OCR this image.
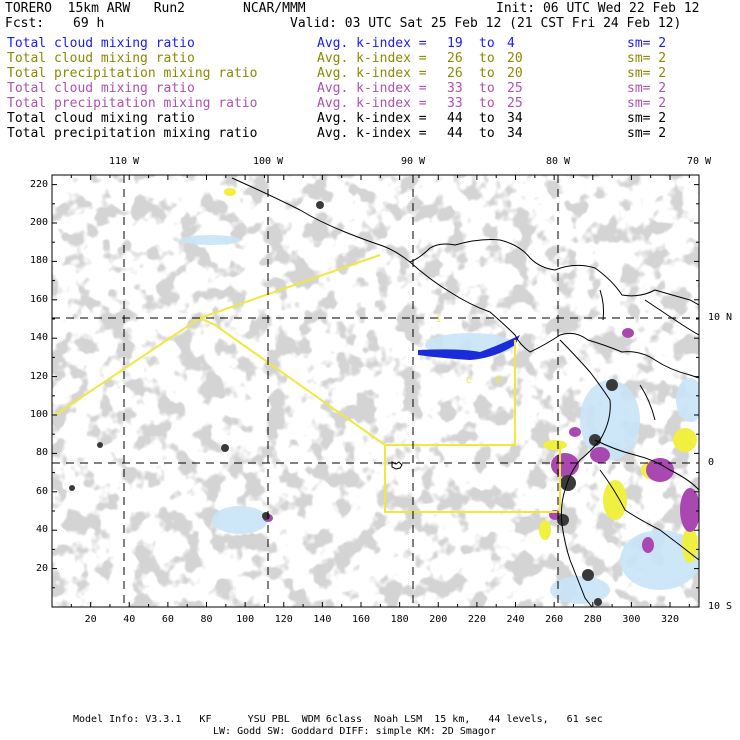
TORERO  15km ARW   Run2	NCAR/MMM	Init: 06 UTC Wed 22 Feb 12
Fcst: 69 h	Valid: 03 UTC Sat 25 Feb 12 (21 CST Fri 24 Feb 12)
Total cloud mixing ratio	Avg. k-index = 19 to 4	sm= 2
Total cloud mixing ratio	Avg. k-index = 26 to 20	sm= 2
Total precipitation mixing ratio	Avg. k-index = 26 to 20	sm= 2
Total cloud mixing ratio	Avg. k-index = 33 to 25	sm= 2
Total precipitation mixing ratio	Avg. k-index = 33 to 25	sm= 2
Total cloud mixing ratio	Avg. k-index = 44 to 34	sm= 2
Total precipitation mixing ratio	Avg. k-index = 44 to 34	sm= 2
110 W	100 W	90 W	80 W	70 W
10 N
0
10 S
220
200
180
160
140
120
100
80
60
40
20
20	40	60	80 100 120 140 160 180 200 220 240 260 280 300 320
I
C	R
Model Info: V3.3.1   KF      YSU PBL  WDM 6class  Noah LSM  15 km,   44 levels,   61 sec
LW: Godd SW: Goddard DIFF: simple KM: 2D Smagor
